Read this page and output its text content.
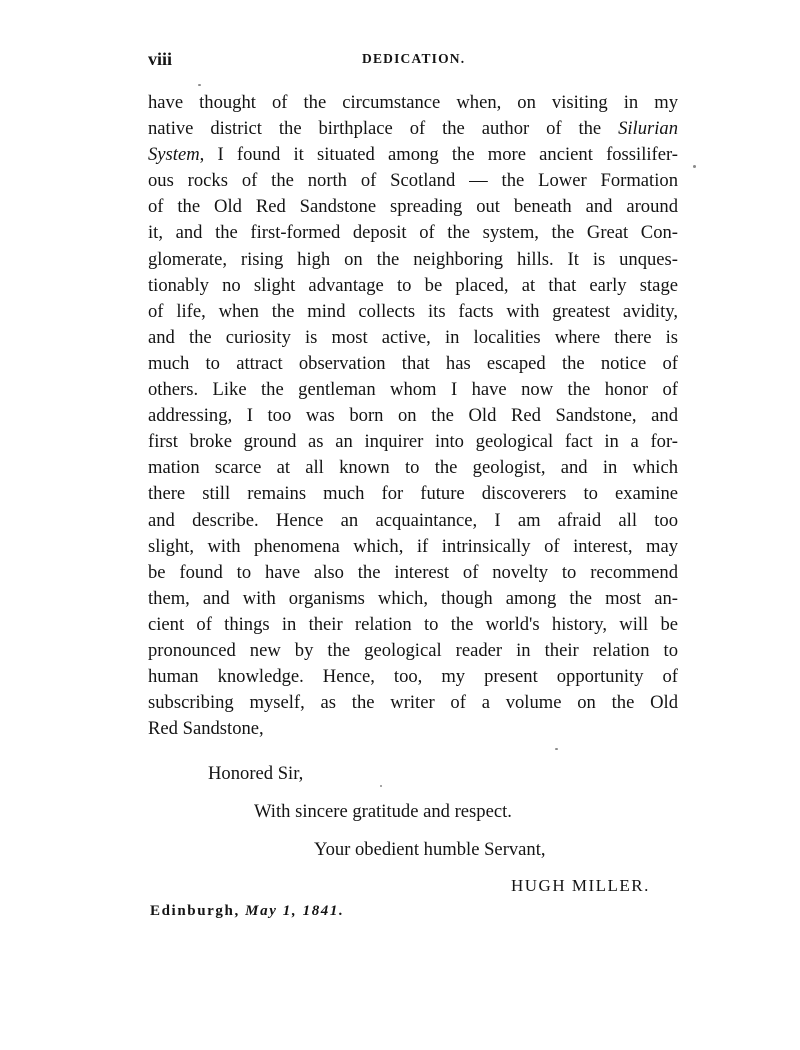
viii	DEDICATION.
have thought of the circumstance when, on visiting in my
native district the birthplace of the author of the Silurian
System, I found it situated among the more ancient fossilifer-
ous rocks of the north of Scotland — the Lower Formation
of the Old Red Sandstone spreading out beneath and around
it, and the first-formed deposit of the system, the Great Con-
glomerate, rising high on the neighboring hills. It is unques-
tionably no slight advantage to be placed, at that early stage
of life, when the mind collects its facts with greatest avidity,
and the curiosity is most active, in localities where there is
much to attract observation that has escaped the notice of
others. Like the gentleman whom I have now the honor of
addressing, I too was born on the Old Red Sandstone, and
first broke ground as an inquirer into geological fact in a for-
mation scarce at all known to the geologist, and in which
there still remains much for future discoverers to examine
and describe. Hence an acquaintance, I am afraid all too
slight, with phenomena which, if intrinsically of interest, may
be found to have also the interest of novelty to recommend
them, and with organisms which, though among the most an-
cient of things in their relation to the world's history, will be
pronounced new by the geological reader in their relation to
human knowledge. Hence, too, my present opportunity of
subscribing myself, as the writer of a volume on the Old
Red Sandstone,
Honored Sir,
With sincere gratitude and respect.
Your obedient humble Servant,
HUGH MILLER.
Edinburgh, May 1, 1841.
